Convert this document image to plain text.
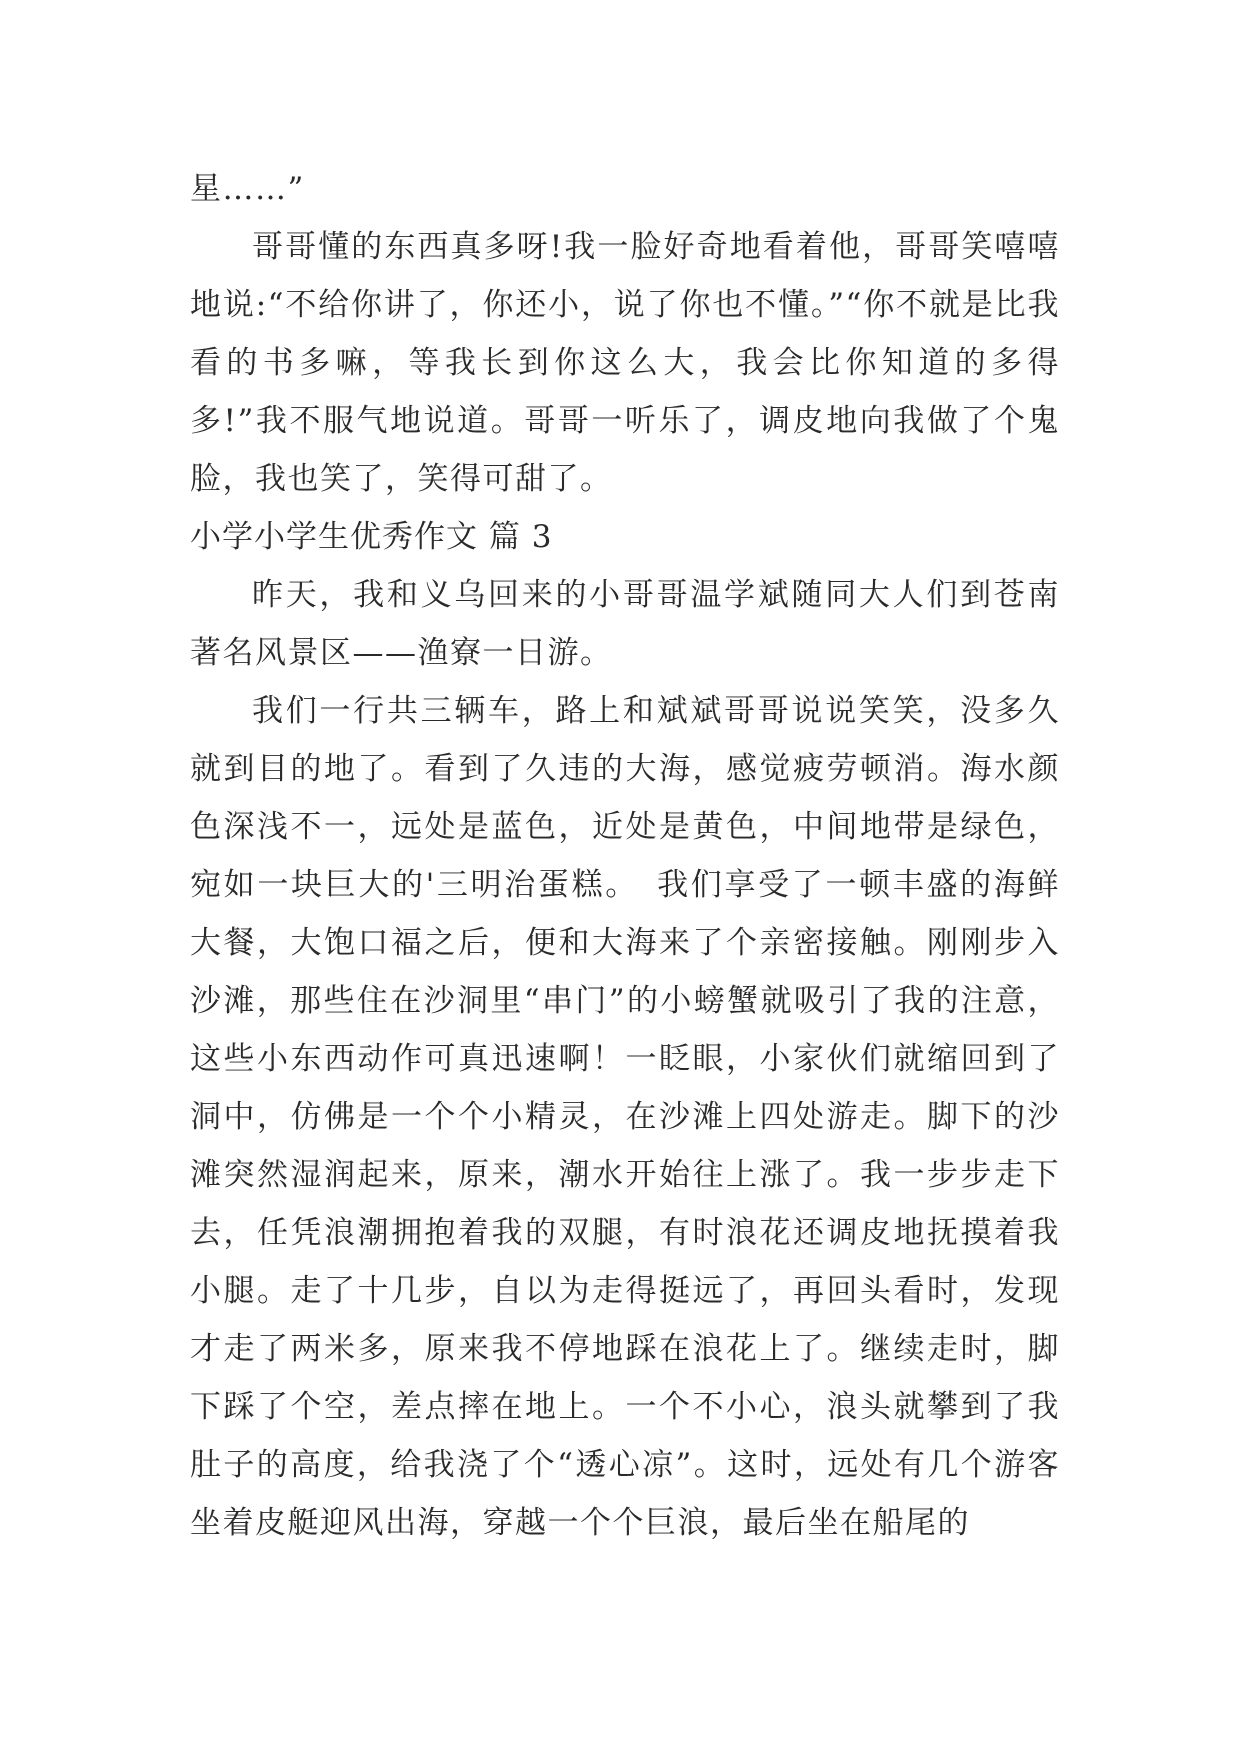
星……”

哥哥懂的东西真多呀!我一脸好奇地看着他，哥哥笑嘻嘻地说:“不给你讲了，你还小，说了你也不懂。”“你不就是比我看的书多嘛，等我长到你这么大，我会比你知道的多得多!”我不服气地说道。哥哥一听乐了，调皮地向我做了个鬼脸，我也笑了，笑得可甜了。

小学小学生优秀作文 篇 3

昨天，我和义乌回来的小哥哥温学斌随同大人们到苍南著名风景区——渔寮一日游。

我们一行共三辆车，路上和斌斌哥哥说说笑笑，没多久就到目的地了。看到了久违的大海，感觉疲劳顿消。海水颜色深浅不一，远处是蓝色，近处是黄色，中间地带是绿色，宛如一块巨大的'三明治蛋糕。　我们享受了一顿丰盛的海鲜大餐，大饱口福之后，便和大海来了个亲密接触。刚刚步入沙滩，那些住在沙洞里“串门”的小螃蟹就吸引了我的注意，这些小东西动作可真迅速啊！一眨眼，小家伙们就缩回到了洞中，仿佛是一个个小精灵，在沙滩上四处游走。脚下的沙滩突然湿润起来，原来，潮水开始往上涨了。我一步步走下去，任凭浪潮拥抱着我的双腿，有时浪花还调皮地抚摸着我小腿。走了十几步，自以为走得挺远了，再回头看时，发现才走了两米多，原来我不停地踩在浪花上了。继续走时，脚下踩了个空，差点摔在地上。一个不小心，浪头就攀到了我肚子的高度，给我浇了个“透心凉”。这时，远处有几个游客坐着皮艇迎风出海，穿越一个个巨浪，最后坐在船尾的
